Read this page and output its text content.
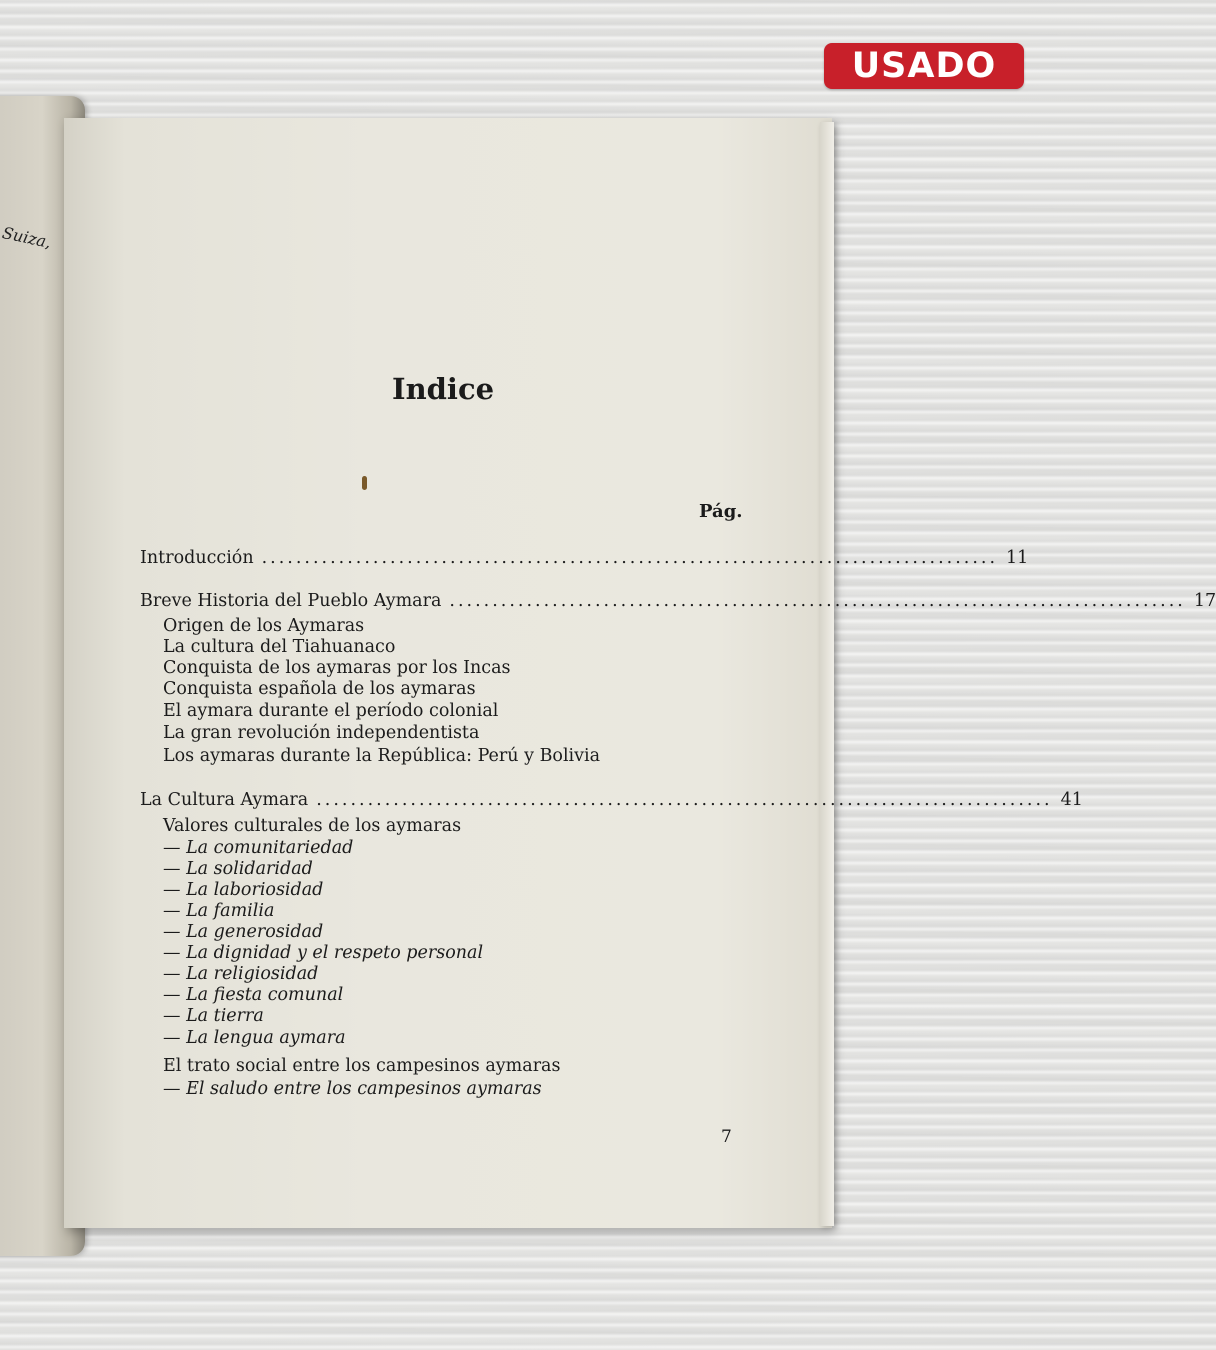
Suiza,
Indice
Pág.
Introducción ...................................................................................... 11
Breve Historia del Pueblo Aymara ...................................................................................... 17
Origen de los Aymaras
La cultura del Tiahuanaco
Conquista de los aymaras por los Incas
Conquista española de los aymaras
El aymara durante el período colonial
La gran revolución independentista
Los aymaras durante la República: Perú y Bolivia
La Cultura Aymara ...................................................................................... 41
Valores culturales de los aymaras
— La comunitariedad
— La solidaridad
— La laboriosidad
— La familia
— La generosidad
— La dignidad y el respeto personal
— La religiosidad
— La fiesta comunal
— La tierra
— La lengua aymara
El trato social entre los campesinos aymaras
— El saludo entre los campesinos aymaras
7
USADO
